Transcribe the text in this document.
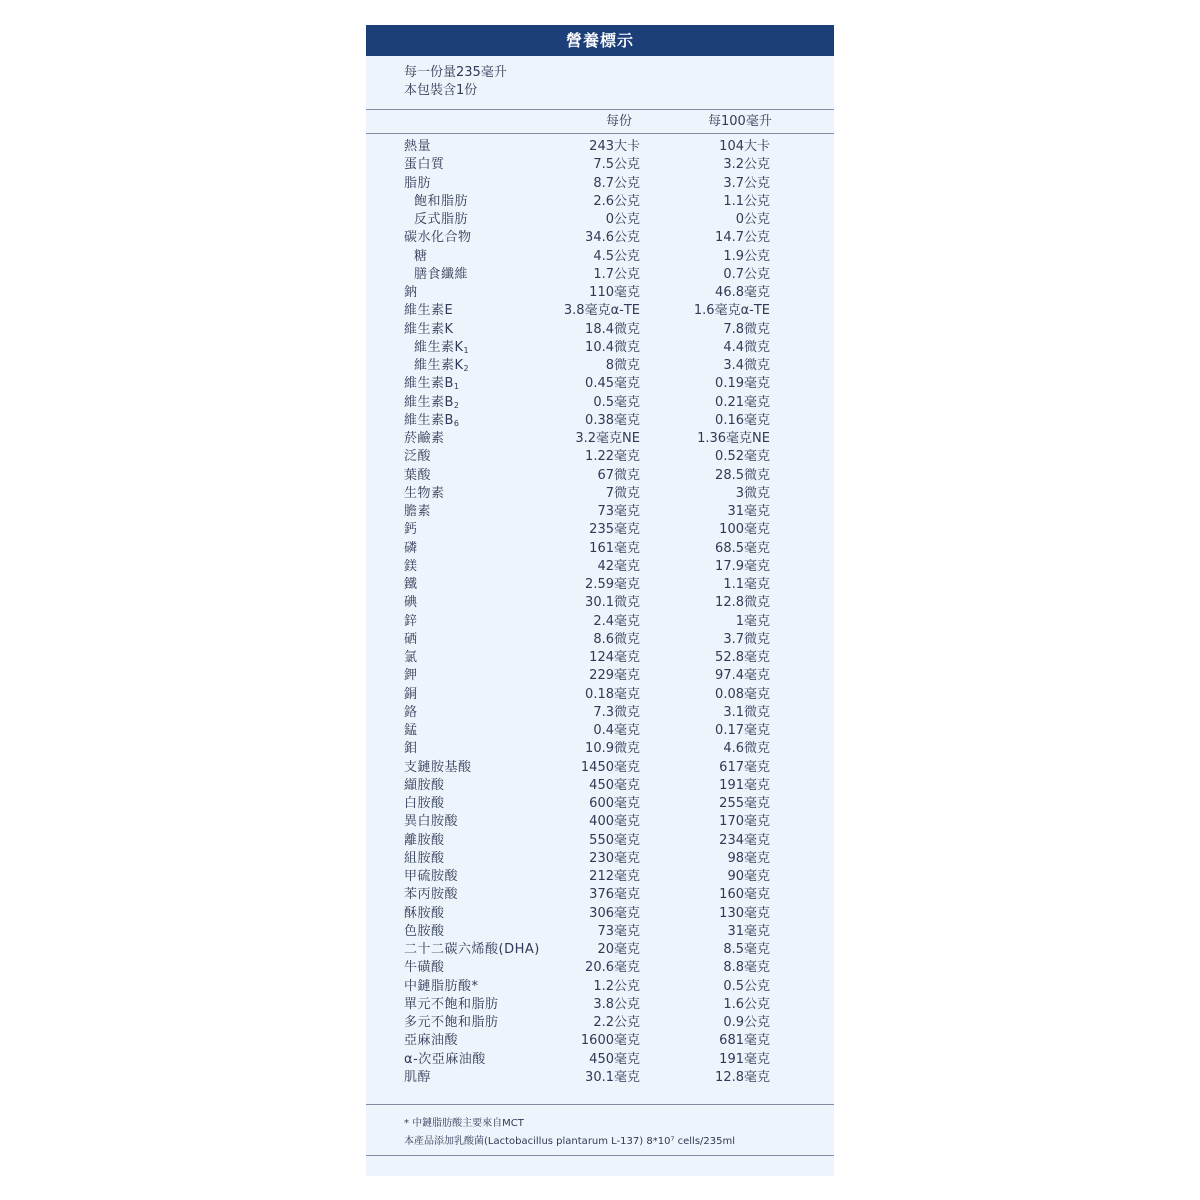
營養標示
每一份量235毫升
本包裝含1份
每份	每100毫升
熱量	243大卡	104大卡
蛋白質	7.5公克	3.2公克
脂肪	8.7公克	3.7公克
飽和脂肪	2.6公克	1.1公克
反式脂肪	0公克	0公克
碳水化合物	34.6公克	14.7公克
糖	4.5公克	1.9公克
膳食纖維	1.7公克	0.7公克
鈉	110毫克	46.8毫克
維生素E	3.8毫克α-TE	1.6毫克α-TE
維生素K	18.4微克	7.8微克
維生素$K_1$	10.4微克	4.4微克
維生素$K_2$	8微克	3.4微克
維生素$B_1$	0.45毫克	0.19毫克
維生素$B_2$	0.5毫克	0.21毫克
維生素$B_6$	0.38毫克	0.16毫克
菸鹼素	3.2毫克NE	1.36毫克NE
泛酸	1.22毫克	0.52毫克
葉酸	67微克	28.5微克
生物素	7微克	3微克
膽素	73毫克	31毫克
鈣	235毫克	100毫克
磷	161毫克	68.5毫克
鎂	42毫克	17.9毫克
鐵	2.59毫克	1.1毫克
碘	30.1微克	12.8微克
鋅	2.4毫克	1毫克
硒	8.6微克	3.7微克
氯	124毫克	52.8毫克
鉀	229毫克	97.4毫克
銅	0.18毫克	0.08毫克
鉻	7.3微克	3.1微克
錳	0.4毫克	0.17毫克
鉬	10.9微克	4.6微克
支鏈胺基酸	1450毫克	617毫克
纈胺酸	450毫克	191毫克
白胺酸	600毫克	255毫克
異白胺酸	400毫克	170毫克
離胺酸	550毫克	234毫克
組胺酸	230毫克	98毫克
甲硫胺酸	212毫克	90毫克
苯丙胺酸	376毫克	160毫克
酥胺酸	306毫克	130毫克
色胺酸	73毫克	31毫克
二十二碳六烯酸(DHA)	20毫克	8.5毫克
牛磺酸	20.6毫克	8.8毫克
中鏈脂肪酸*	1.2公克	0.5公克
單元不飽和脂肪	3.8公克	1.6公克
多元不飽和脂肪	2.2公克	0.9公克
亞麻油酸	1600毫克	681毫克
α-次亞麻油酸	450毫克	191毫克
肌醇	30.1毫克	12.8毫克
* 中鏈脂肪酸主要來自MCT
本產品添加乳酸菌(Lactobacillus plantarum L-137) 8*10⁷ cells/235ml
